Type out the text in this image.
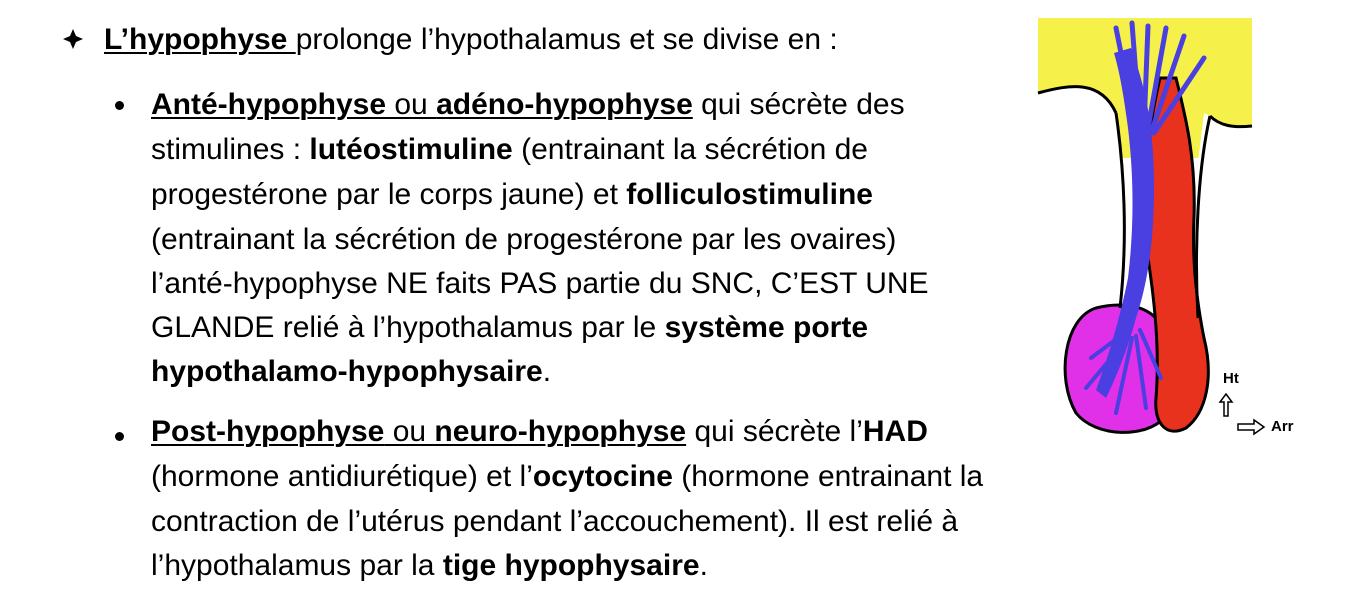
L’hypophyse prolonge l’hypothalamus et se divise en :
Anté-hypophyse ou adéno-hypophyse qui sécrète des
stimulines : lutéostimuline (entrainant la sécrétion de
progestérone par le corps jaune) et folliculostimuline
(entrainant la sécrétion de progestérone par les ovaires)
l’anté-hypophyse NE faits PAS partie du SNC, C’EST UNE
GLANDE relié à l’hypothalamus par le système porte
hypothalamo-hypophysaire.
Post-hypophyse ou neuro-hypophyse qui sécrète l’HAD
(hormone antidiurétique) et l’ocytocine (hormone entrainant la
contraction de l’utérus pendant l’accouchement). Il est relié à
l’hypothalamus par la tige hypophysaire.
Ht
Arr
